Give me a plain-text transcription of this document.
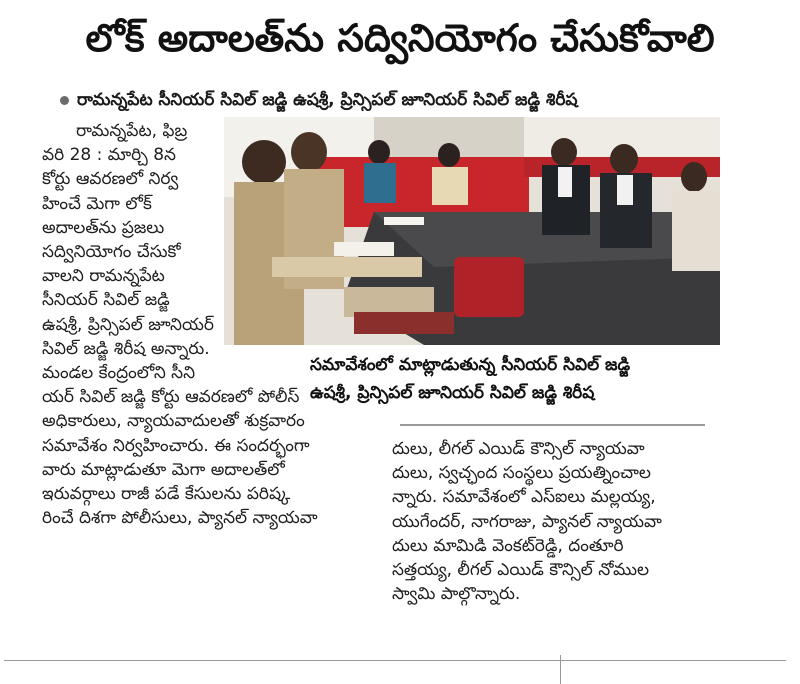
లోక్ అదాలత్‌ను సద్వినియోగం చేసుకోవాలి
రామన్నపేట సీనియర్ సివిల్ జడ్జి ఉషశ్రీ, ప్రిన్సిపల్ జూనియర్ సివిల్ జడ్జి శిరీష
రామన్నపేట, ఫిబ్ర
వరి 28 : మార్చి 8న
కోర్టు ఆవరణలో నిర్వ
హించే మెగా లోక్
అదాలత్‌ను ప్రజలు
సద్వినియోగం చేసుకో
వాలని రామన్నపేట
సీనియర్ సివిల్ జడ్జి
ఉషశ్రీ, ప్రిన్సిపల్ జూనియర్
సివిల్ జడ్జి శిరీష అన్నారు.
మండల కేంద్రంలోని సీని
యర్ సివిల్ జడ్జి కోర్టు ఆవరణలో పోలీస్
అధికారులు, న్యాయవాదులతో శుక్రవారం
సమావేశం నిర్వహించారు. ఈ సందర్భంగా
వారు మాట్లాడుతూ మెగా అదాలత్‌లో
ఇరువర్గాలు రాజీ పడే కేసులను పరిష్క
రించే దిశగా పోలీసులు, ప్యానల్ న్యాయవా
సమావేశంలో మాట్లాడుతున్న సీనియర్ సివిల్ జడ్జి
ఉషశ్రీ, ప్రిన్సిపల్ జూనియర్ సివిల్ జడ్జి శిరీష
దులు, లీగల్ ఎయిడ్ కౌన్సిల్ న్యాయవా
దులు, స్వచ్ఛంద సంస్థలు ప్రయత్నించాల
న్నారు. సమావేశంలో ఎస్ఐలు మల్లయ్య,
యుగేందర్, నాగరాజు, ప్యానల్ న్యాయవా
దులు మామిడి వెంకట్‌రెడ్డి, దంతూరి
సత్తయ్య, లీగల్ ఎయిడ్ కౌన్సిల్ నోముల
స్వామి పాల్గొన్నారు.
